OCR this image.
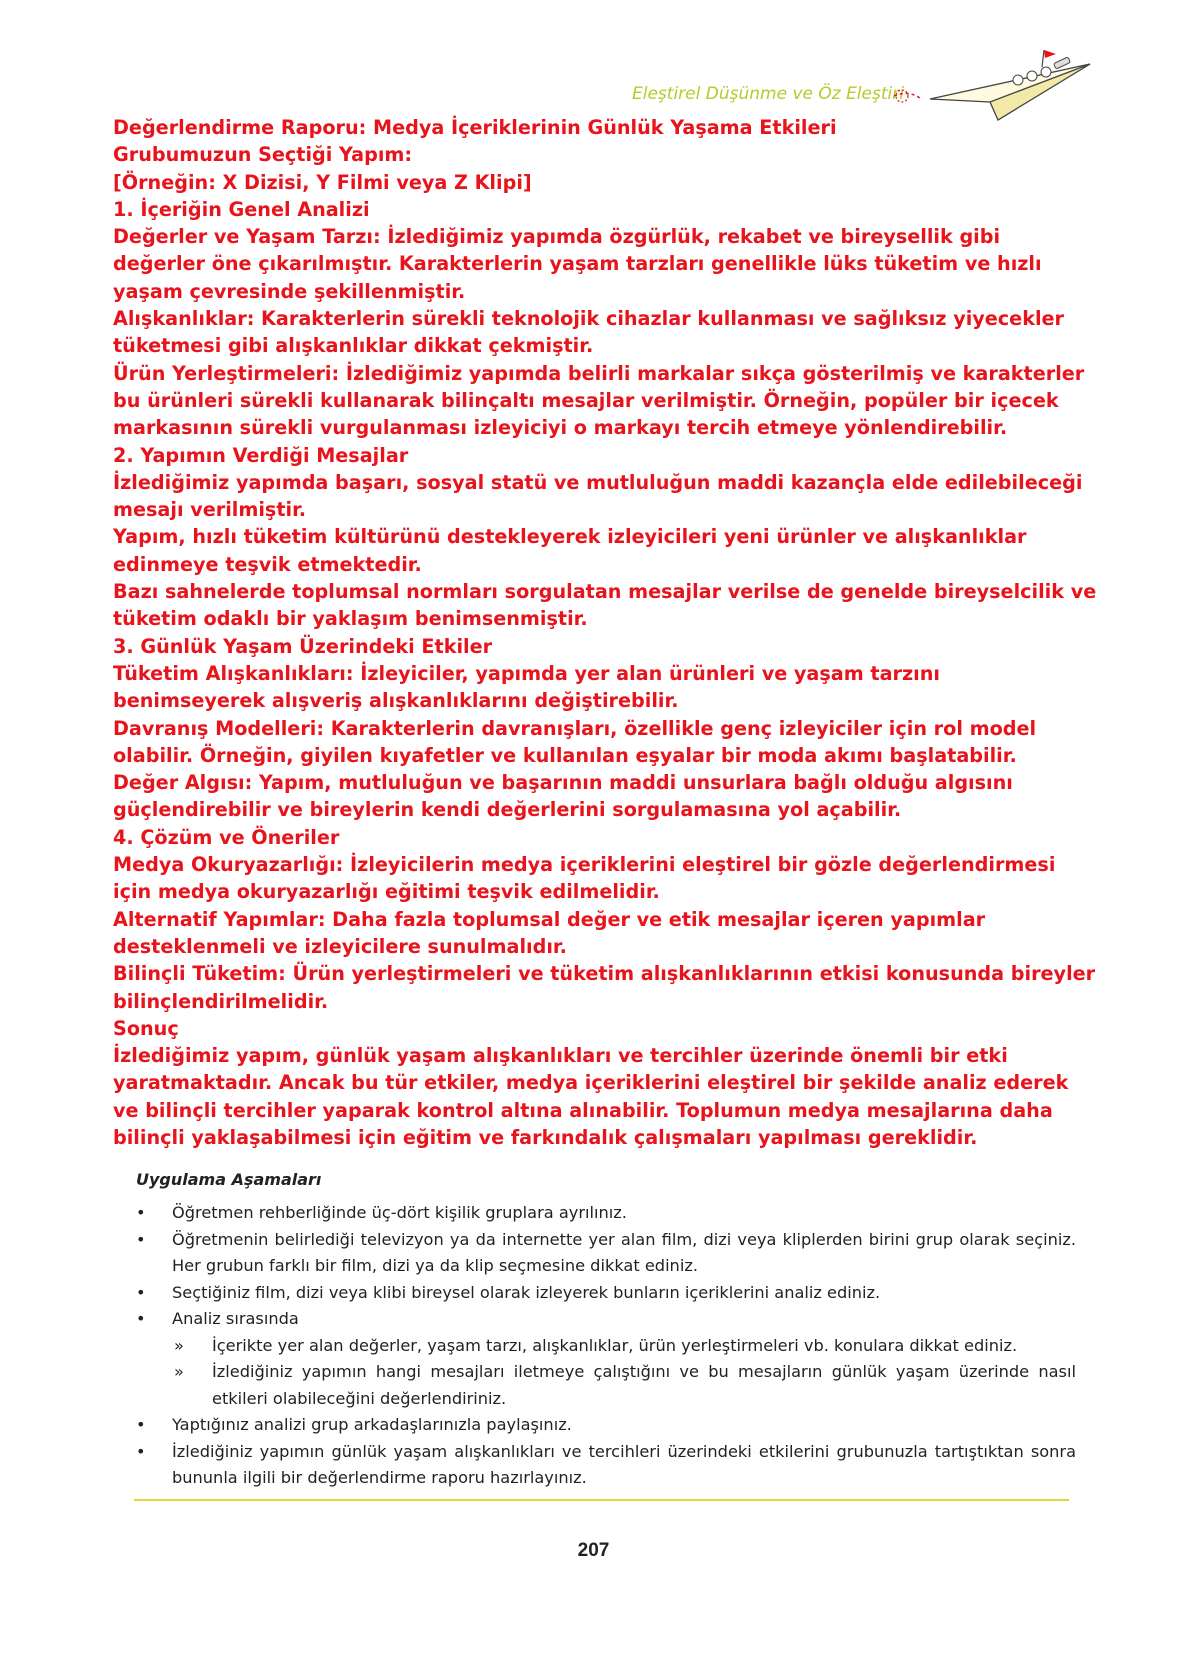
Eleştirel Düşünme ve Öz Eleştiri

Değerlendirme Raporu: Medya İçeriklerinin Günlük Yaşama Etkileri

Grubumuzun Seçtiği Yapım:

[Örneğin: X Dizisi, Y Filmi veya Z Klipi]

1. İçeriğin Genel Analizi

Değerler ve Yaşam Tarzı: İzlediğimiz yapımda özgürlük, rekabet ve bireysellik gibi değerler öne çıkarılmıştır. Karakterlerin yaşam tarzları genellikle lüks tüketim ve hızlı yaşam çevresinde şekillenmiştir.

Alışkanlıklar: Karakterlerin sürekli teknolojik cihazlar kullanması ve sağlıksız yiyecekler tüketmesi gibi alışkanlıklar dikkat çekmiştir.

Ürün Yerleştirmeleri: İzlediğimiz yapımda belirli markalar sıkça gösterilmiş ve karakterler bu ürünleri sürekli kullanarak bilinçaltı mesajlar verilmiştir. Örneğin, popüler bir içecek markasının sürekli vurgulanması izleyiciyi o markayı tercih etmeye yönlendirebilir.

2. Yapımın Verdiği Mesajlar

İzlediğimiz yapımda başarı, sosyal statü ve mutluluğun maddi kazançla elde edilebileceği mesajı verilmiştir.

Yapım, hızlı tüketim kültürünü destekleyerek izleyicileri yeni ürünler ve alışkanlıklar edinmeye teşvik etmektedir.

Bazı sahnelerde toplumsal normları sorgulatan mesajlar verilse de genelde bireyselcilik ve tüketim odaklı bir yaklaşım benimsenmiştir.

3. Günlük Yaşam Üzerindeki Etkiler

Tüketim Alışkanlıkları: İzleyiciler, yapımda yer alan ürünleri ve yaşam tarzını benimseyerek alışveriş alışkanlıklarını değiştirebilir.

Davranış Modelleri: Karakterlerin davranışları, özellikle genç izleyiciler için rol model olabilir. Örneğin, giyilen kıyafetler ve kullanılan eşyalar bir moda akımı başlatabilir.

Değer Algısı: Yapım, mutluluğun ve başarının maddi unsurlara bağlı olduğu algısını güçlendirebilir ve bireylerin kendi değerlerini sorgulamasına yol açabilir.

4. Çözüm ve Öneriler

Medya Okuryazarlığı: İzleyicilerin medya içeriklerini eleştirel bir gözle değerlendirmesi için medya okuryazarlığı eğitimi teşvik edilmelidir.

Alternatif Yapımlar: Daha fazla toplumsal değer ve etik mesajlar içeren yapımlar desteklenmeli ve izleyicilere sunulmalıdır.

Bilinçli Tüketim: Ürün yerleştirmeleri ve tüketim alışkanlıklarının etkisi konusunda bireyler bilinçlendirilmelidir.

Sonuç

İzlediğimiz yapım, günlük yaşam alışkanlıkları ve tercihler üzerinde önemli bir etki yaratmaktadır. Ancak bu tür etkiler, medya içeriklerini eleştirel bir şekilde analiz ederek ve bilinçli tercihler yaparak kontrol altına alınabilir. Toplumun medya mesajlarına daha bilinçli yaklaşabilmesi için eğitim ve farkındalık çalışmaları yapılması gereklidir.

Uygulama Aşamaları
• Öğretmen rehberliğinde üç-dört kişilik gruplara ayrılınız.
• Öğretmenin belirlediği televizyon ya da internette yer alan film, dizi veya kliplerden birini grup olarak seçiniz. Her grubun farklı bir film, dizi ya da klip seçmesine dikkat ediniz.
• Seçtiğiniz film, dizi veya klibi bireysel olarak izleyerek bunların içeriklerini analiz ediniz.
• Analiz sırasında
» İçerikte yer alan değerler, yaşam tarzı, alışkanlıklar, ürün yerleştirmeleri vb. konulara dikkat ediniz.
» İzlediğiniz yapımın hangi mesajları iletmeye çalıştığını ve bu mesajların günlük yaşam üzerinde nasıl etkileri olabileceğini değerlendiriniz.
• Yaptığınız analizi grup arkadaşlarınızla paylaşınız.
• İzlediğiniz yapımın günlük yaşam alışkanlıkları ve tercihleri üzerindeki etkilerini grubunuzla tartıştıktan sonra bununla ilgili bir değerlendirme raporu hazırlayınız.
207
